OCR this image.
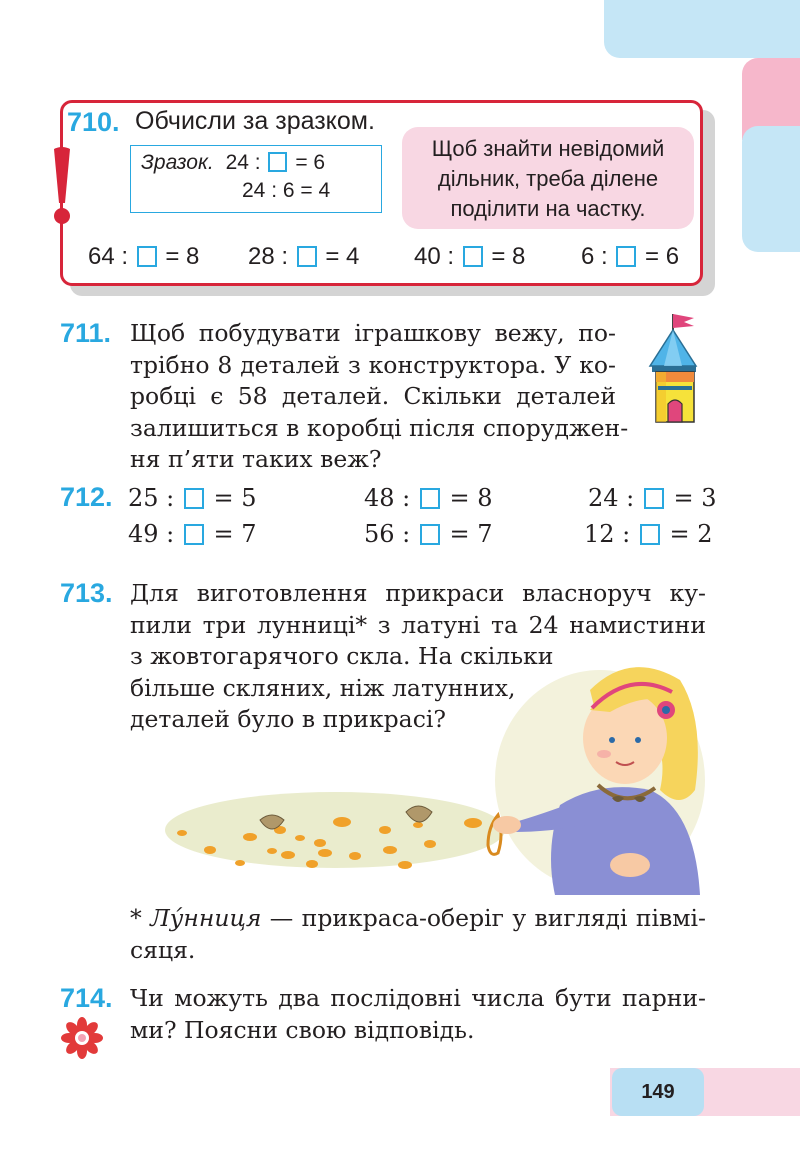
710. Обчисли за зразком.
Зразок. 24 : = 6
24 : 6 = 4
Щоб знайти невідомий
дільник, треба ділене
поділити на частку.
64 : = 8 28 : = 4 40 : = 8 6 : = 6
711. Щоб побудувати іграшкову вежу, по-
трібно 8 деталей з конструктора. У ко-
робці є 58 деталей. Скільки деталей
залишиться в коробці після споруджен-
ня п’яти таких веж?
712. 25 : = 5	48 : = 8	24 : = 3
49 : = 7	56 : = 7	12 : = 2
713. Для виготовлення прикраси власноруч ку-
пили три лунниці* з латуні та 24 намистини
з жовтогарячого скла. На скільки
більше скляних, ніж латунних,
деталей було в прикрасі?
* Лу́нниця — прикраса-оберіг у вигляді півмі-
сяця.
714. Чи можуть два послідовні числа бути парни-
ми? Поясни свою відповідь.
149
